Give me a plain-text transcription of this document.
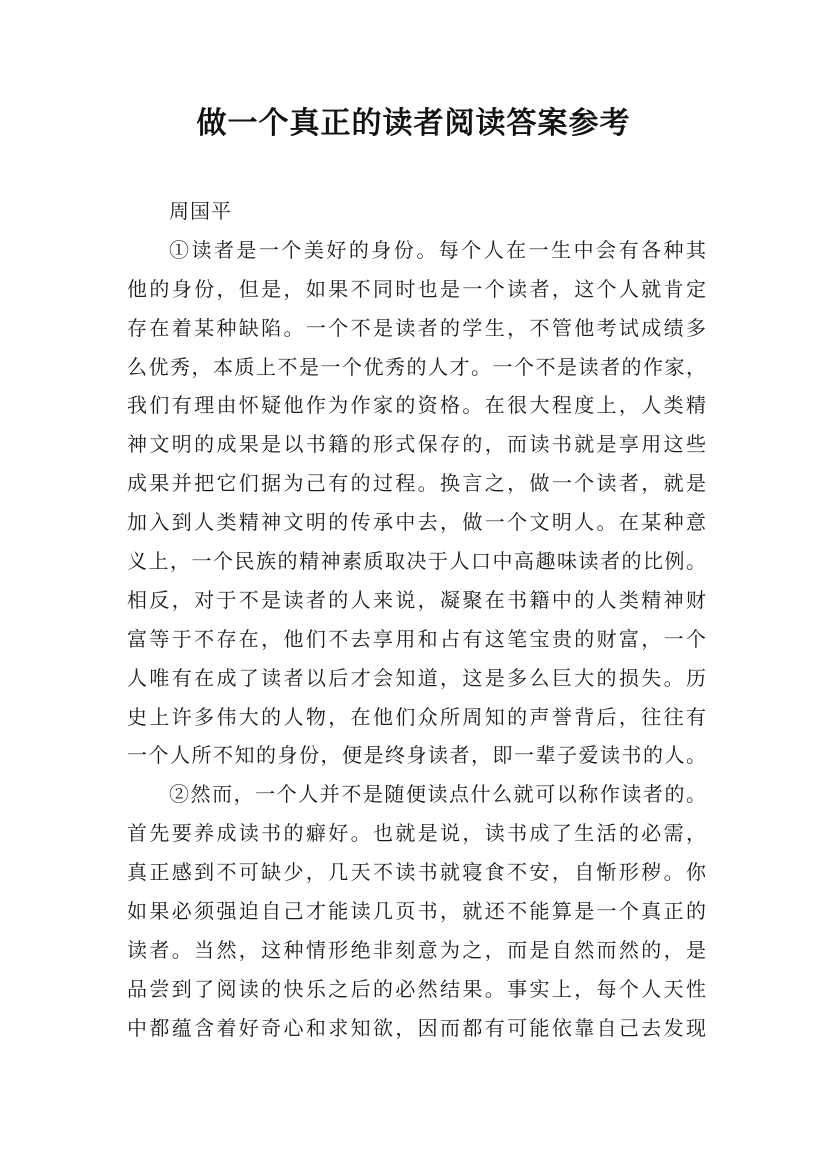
做一个真正的读者阅读答案参考
周国平
①读者是一个美好的身份。每个人在一生中会有各种其
他的身份，但是，如果不同时也是一个读者，这个人就肯定
存在着某种缺陷。一个不是读者的学生，不管他考试成绩多
么优秀，本质上不是一个优秀的人才。一个不是读者的作家，
我们有理由怀疑他作为作家的资格。在很大程度上，人类精
神文明的成果是以书籍的形式保存的，而读书就是享用这些
成果并把它们据为己有的过程。换言之，做一个读者，就是
加入到人类精神文明的传承中去，做一个文明人。在某种意
义上，一个民族的精神素质取决于人口中高趣味读者的比例。
相反，对于不是读者的人来说，凝聚在书籍中的人类精神财
富等于不存在，他们不去享用和占有这笔宝贵的财富，一个
人唯有在成了读者以后才会知道，这是多么巨大的损失。历
史上许多伟大的人物，在他们众所周知的声誉背后，往往有
一个人所不知的身份，便是终身读者，即一辈子爱读书的人。
②然而，一个人并不是随便读点什么就可以称作读者的。
首先要养成读书的癖好。也就是说，读书成了生活的必需，
真正感到不可缺少，几天不读书就寝食不安，自惭形秽。你
如果必须强迫自己才能读几页书，就还不能算是一个真正的
读者。当然，这种情形绝非刻意为之，而是自然而然的，是
品尝到了阅读的快乐之后的必然结果。事实上，每个人天性
中都蕴含着好奇心和求知欲，因而都有可能依靠自己去发现
